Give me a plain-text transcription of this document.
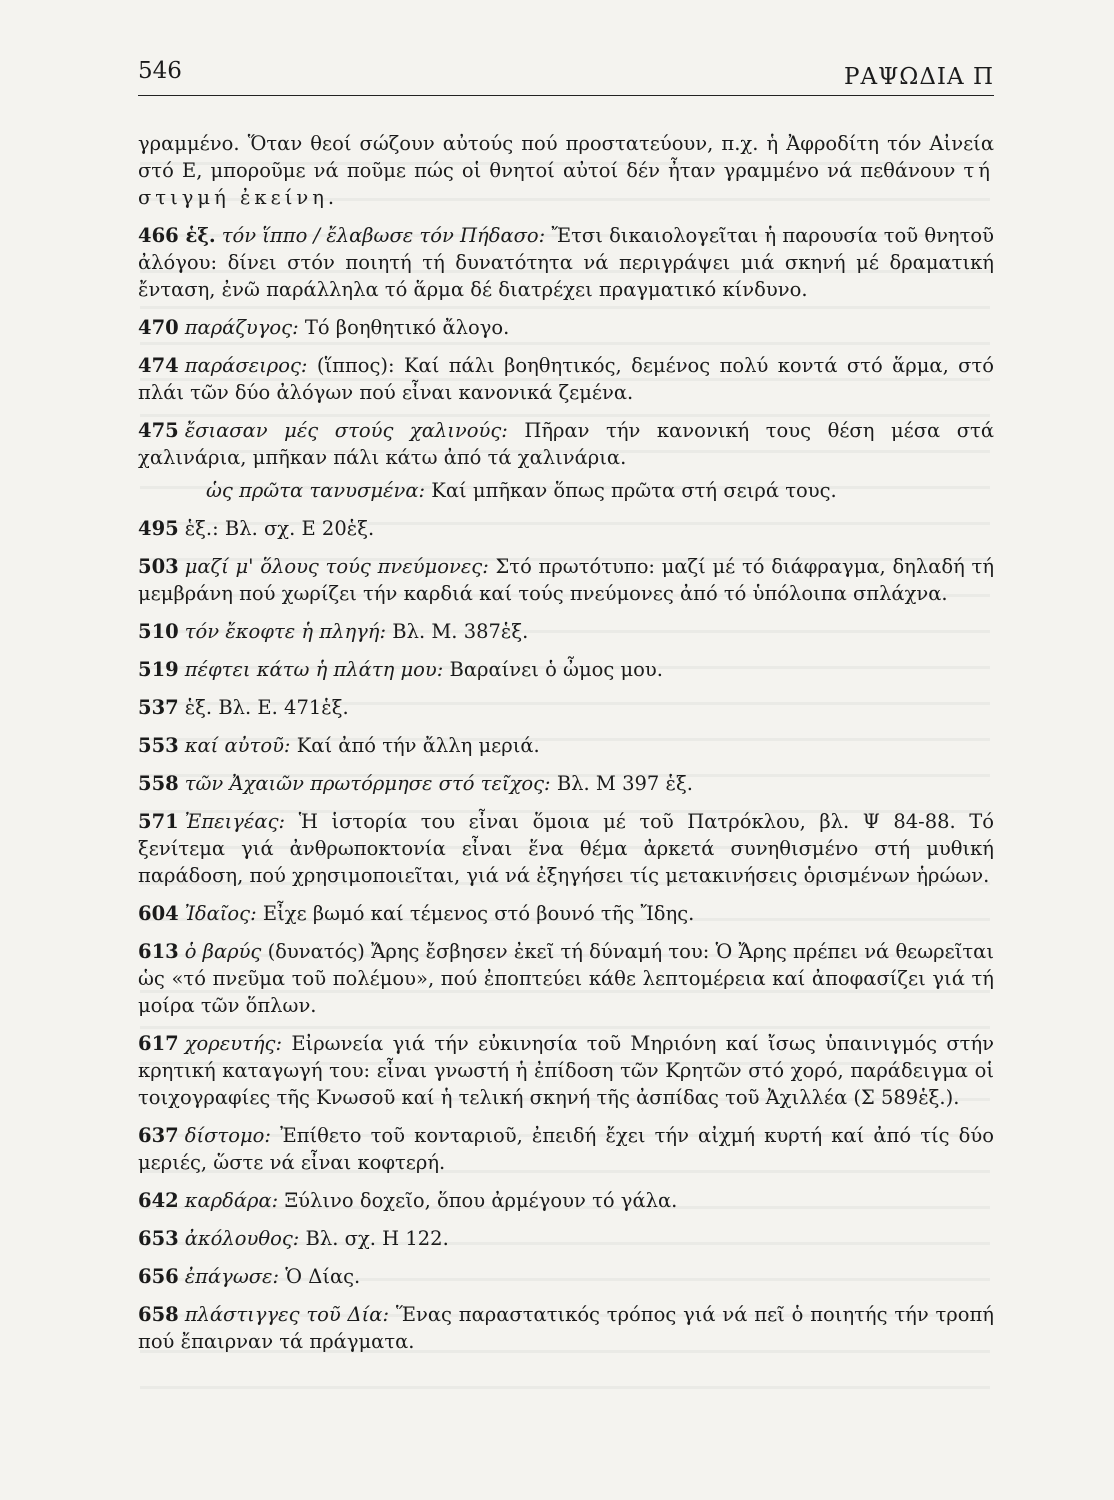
546	ΡΑΨΩΔΙΑ Π

γραμμένο. Ὅταν θεοί σώζουν αὐτούς πού προστατεύουν, π.χ. ἡ Ἀφροδίτη τόν Αἰνεία στό Ε, μποροῦμε νά ποῦμε πώς οἱ θνητοί αὐτοί δέν ἦταν γραμμένο νά πεθάνουν τή στιγμή ἐκείνη.

466 ἑξ. τόν ἵππο / ἔλαβωσε τόν Πήδασο: Ἔτσι δικαιολογεῖται ἡ παρουσία τοῦ θνητοῦ ἀλόγου: δίνει στόν ποιητή τή δυνατότητα νά περιγράψει μιά σκηνή μέ δραματική ἔνταση, ἐνῶ παράλληλα τό ἅρμα δέ διατρέχει πραγματικό κίνδυνο.

470 παράζυγος: Τό βοηθητικό ἄλογο.

474 παράσειρος: (ἵππος): Καί πάλι βοηθητικός, δεμένος πολύ κοντά στό ἅρμα, στό πλάι τῶν δύο ἀλόγων πού εἶναι κανονικά ζεμένα.

475 ἔσιασαν μές στούς χαλινούς: Πῆραν τήν κανονική τους θέση μέσα στά χαλινάρια, μπῆκαν πάλι κάτω ἀπό τά χαλινάρια.

ὡς πρῶτα τανυσμένα: Καί μπῆκαν ὅπως πρῶτα στή σειρά τους.

495 ἑξ.: Βλ. σχ. Ε 20ἑξ.

503 μαζί μ' ὅλους τούς πνεύμονες: Στό πρωτότυπο: μαζί μέ τό διάφραγμα, δηλαδή τή μεμβράνη πού χωρίζει τήν καρδιά καί τούς πνεύμονες ἀπό τό ὑπόλοιπα σπλάχνα.

510 τόν ἔκοφτε ἡ πληγή: Βλ. Μ. 387ἑξ.

519 πέφτει κάτω ἡ πλάτη μου: Βαραίνει ὁ ὦμος μου.

537 ἑξ. Βλ. Ε. 471ἑξ.

553 καί αὐτοῦ: Καί ἀπό τήν ἄλλη μεριά.

558 τῶν Ἀχαιῶν πρωτόρμησε στό τεῖχος: Βλ. Μ 397 ἑξ.

571 Ἐπειγέας: Ἡ ἱστορία του εἶναι ὅμοια μέ τοῦ Πατρόκλου, βλ. Ψ 84-88. Τό ξενίτεμα γιά ἀνθρωποκτονία εἶναι ἕνα θέμα ἀρκετά συνηθισμένο στή μυθική παράδοση, πού χρησιμοποιεῖται, γιά νά ἐξηγήσει τίς μετακινήσεις ὁρισμένων ἡρώων.

604 Ἰδαῖος: Εἶχε βωμό καί τέμενος στό βουνό τῆς Ἴδης.

613 ὁ βαρύς (δυνατός) Ἄρης ἔσβησεν ἐκεῖ τή δύναμή του: Ὁ Ἄρης πρέπει νά θεωρεῖται ὡς «τό πνεῦμα τοῦ πολέμου», πού ἐποπτεύει κάθε λεπτομέρεια καί ἀποφασίζει γιά τή μοίρα τῶν ὅπλων.

617 χορευτής: Εἰρωνεία γιά τήν εὐκινησία τοῦ Μηριόνη καί ἴσως ὑπαινιγμός στήν κρητική καταγωγή του: εἶναι γνωστή ἡ ἐπίδοση τῶν Κρητῶν στό χορό, παράδειγμα οἱ τοιχογραφίες τῆς Κνωσοῦ καί ἡ τελική σκηνή τῆς ἀσπίδας τοῦ Ἀχιλλέα (Σ 589ἑξ.).

637 δίστομο: Ἐπίθετο τοῦ κονταριοῦ, ἐπειδή ἔχει τήν αἰχμή κυρτή καί ἀπό τίς δύο μεριές, ὥστε νά εἶναι κοφτερή.

642 καρδάρα: Ξύλινο δοχεῖο, ὅπου ἀρμέγουν τό γάλα.

653 ἀκόλουθος: Βλ. σχ. Η 122.

656 ἐπάγωσε: Ὁ Δίας.

658 πλάστιγγες τοῦ Δία: Ἕνας παραστατικός τρόπος γιά νά πεῖ ὁ ποιητής τήν τροπή πού ἔπαιρναν τά πράγματα.
